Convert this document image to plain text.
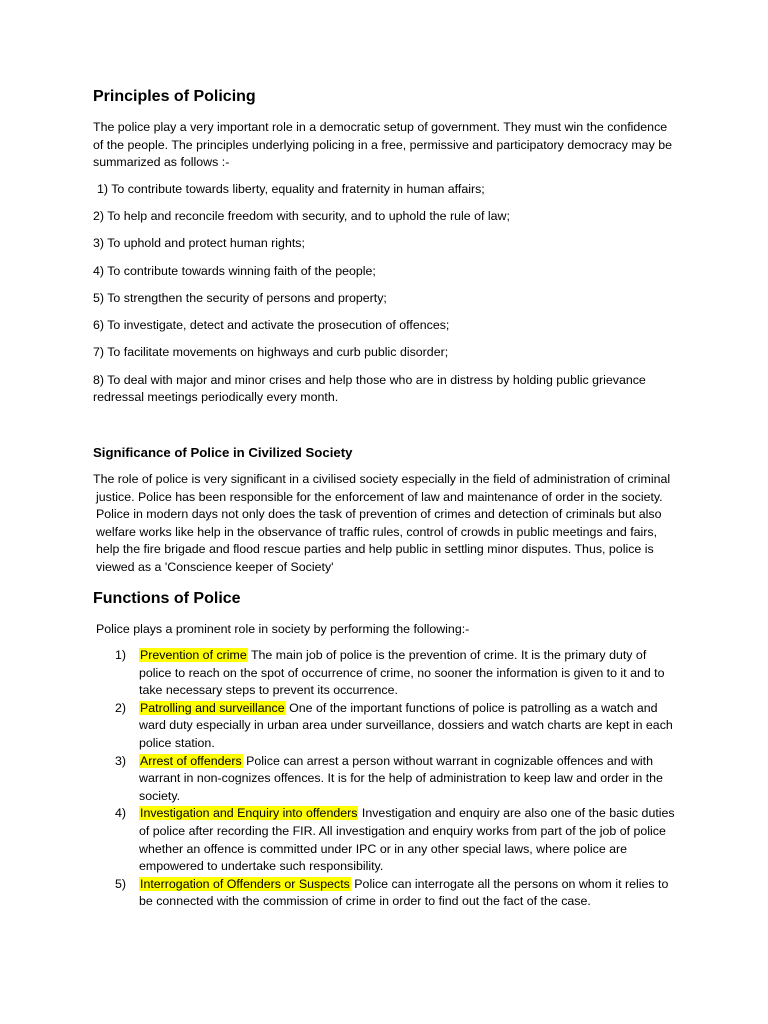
Principles of Policing

The police play a very important role in a democratic setup of government. They must win the confidence of the people. The principles underlying policing in a free, permissive and participatory democracy may be summarized as follows :-

1) To contribute towards liberty, equality and fraternity in human affairs;

2) To help and reconcile freedom with security, and to uphold the rule of law;

3) To uphold and protect human rights;

4) To contribute towards winning faith of the people;

5) To strengthen the security of persons and property;

6) To investigate, detect and activate the prosecution of offences;

7) To facilitate movements on highways and curb public disorder;

8) To deal with major and minor crises and help those who are in distress by holding public grievance redressal meetings periodically every month.

Significance of Police in Civilized Society

The role of police is very significant in a civilised society especially in the field of administration of criminal justice. Police has been responsible for the enforcement of law and maintenance of order in the society. Police in modern days not only does the task of prevention of crimes and detection of criminals but also welfare works like help in the observance of traffic rules, control of crowds in public meetings and fairs, help the fire brigade and flood rescue parties and help public in settling minor disputes. Thus, police is viewed as a 'Conscience keeper of Society'

Functions of Police

Police plays a prominent role in society by performing the following:-

1) Prevention of crime The main job of police is the prevention of crime. It is the primary duty of police to reach on the spot of occurrence of crime, no sooner the information is given to it and to take necessary steps to prevent its occurrence.
2) Patrolling and surveillance One of the important functions of police is patrolling as a watch and ward duty especially in urban area under surveillance, dossiers and watch charts are kept in each police station.
3) Arrest of offenders Police can arrest a person without warrant in cognizable offences and with warrant in non-cognizes offences. It is for the help of administration to keep law and order in the society.
4) Investigation and Enquiry into offenders Investigation and enquiry are also one of the basic duties of police after recording the FIR. All investigation and enquiry works from part of the job of police whether an offence is committed under IPC or in any other special laws, where police are empowered to undertake such responsibility.
5) Interrogation of Offenders or Suspects Police can interrogate all the persons on whom it relies to be connected with the commission of crime in order to find out the fact of the case.
